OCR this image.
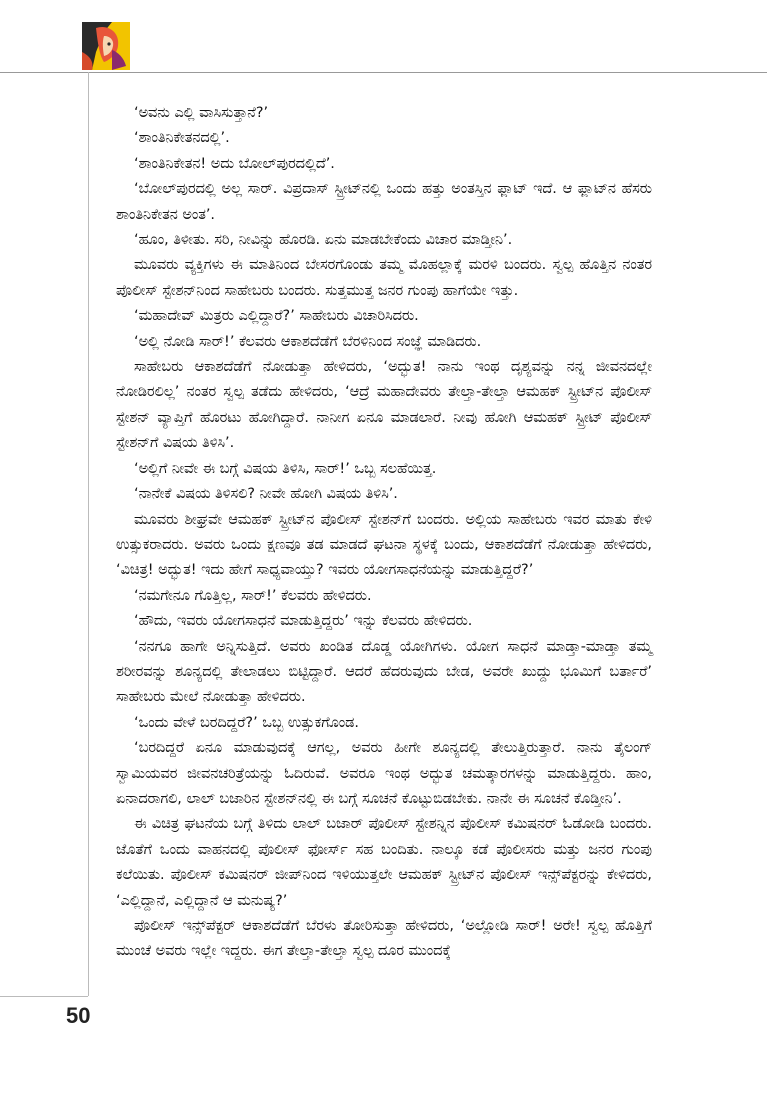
50

‘ಅವನು ಎಲ್ಲಿ ವಾಸಿಸುತ್ತಾನೆ?’

‘ಶಾಂತಿನಿಕೇತನದಲ್ಲಿ’.

‘ಶಾಂತಿನಿಕೇತನ! ಅದು ಬೋಲ್‌ಪುರದಲ್ಲಿದೆ’.

‘ಬೋಲ್‌ಪುರದಲ್ಲಿ ಅಲ್ಲ ಸಾರ್. ವಿಪ್ರದಾಸ್ ಸ್ಟ್ರೀಟ್‌ನಲ್ಲಿ ಒಂದು ಹತ್ತು ಅಂತಸ್ತಿನ ಫ್ಲಾಟ್ ಇದೆ. ಆ ಫ್ಲಾಟ್‌ನ ಹೆಸರು ಶಾಂತಿನಿಕೇತನ ಅಂತ’.

‘ಹೂಂ, ತಿಳೀತು. ಸರಿ, ನೀವಿನ್ನು ಹೊರಡಿ. ಏನು ಮಾಡಬೇಕೆಂದು ವಿಚಾರ ಮಾಡ್ತೀನಿ’.

ಮೂವರು ವ್ಯಕ್ತಿಗಳು ಈ ಮಾತಿನಿಂದ ಬೇಸರಗೊಂಡು ತಮ್ಮ ಮೊಹಲ್ಲಾಕ್ಕೆ ಮರಳಿ ಬಂದರು. ಸ್ವಲ್ಪ ಹೊತ್ತಿನ ನಂತರ ಪೊಲೀಸ್ ಸ್ಟೇಶನ್‌ನಿಂದ ಸಾಹೇಬರು ಬಂದರು. ಸುತ್ತಮುತ್ತ ಜನರ ಗುಂಪು ಹಾಗೆಯೇ ಇತ್ತು.

‘ಮಹಾದೇವ್ ಮಿತ್ರರು ಎಲ್ಲಿದ್ದಾರೆ?’ ಸಾಹೇಬರು ವಿಚಾರಿಸಿದರು.

‘ಅಲ್ಲಿ ನೋಡಿ ಸಾರ್!’ ಕೆಲವರು ಆಕಾಶದೆಡೆಗೆ ಬೆರಳಿನಿಂದ ಸಂಜ್ಞೆ ಮಾಡಿದರು.

ಸಾಹೇಬರು ಆಕಾಶದೆಡೆಗೆ ನೋಡುತ್ತಾ ಹೇಳಿದರು, ‘ಅದ್ಭುತ! ನಾನು ಇಂಥ ದೃಶ್ಯವನ್ನು ನನ್ನ ಜೀವನದಲ್ಲೇ ನೋಡಿರಲಿಲ್ಲ’ ನಂತರ ಸ್ವಲ್ಪ ತಡೆದು ಹೇಳಿದರು, ‘ಆದ್ರೆ ಮಹಾದೇವರು ತೇಲ್ತಾ-ತೇಲ್ತಾ ಆಮಹಕ್ ಸ್ಟ್ರೀಟ್‌ನ ಪೊಲೀಸ್ ಸ್ಟೇಶನ್ ವ್ಯಾಪ್ತಿಗೆ ಹೊರಟು ಹೋಗಿದ್ದಾರೆ. ನಾನೀಗ ಏನೂ ಮಾಡಲಾರೆ. ನೀವು ಹೋಗಿ ಆಮಹಕ್ ಸ್ಟ್ರೀಟ್ ಪೊಲೀಸ್ ಸ್ಟೇಶನ್‌ಗೆ ವಿಷಯ ತಿಳಿಸಿ’.

‘ಅಲ್ಲಿಗೆ ನೀವೇ ಈ ಬಗ್ಗೆ ವಿಷಯ ತಿಳಿಸಿ, ಸಾರ್!’ ಒಬ್ಬ ಸಲಹೆಯಿತ್ತ.

‘ನಾನೇಕೆ ವಿಷಯ ತಿಳಿಸಲಿ? ನೀವೇ ಹೋಗಿ ವಿಷಯ ತಿಳಿಸಿ’.

ಮೂವರು ಶೀಘ್ರವೇ ಆಮಹಕ್ ಸ್ಟ್ರೀಟ್‌ನ ಪೊಲೀಸ್ ಸ್ಟೇಶನ್‌ಗೆ ಬಂದರು. ಅಲ್ಲಿಯ ಸಾಹೇಬರು ಇವರ ಮಾತು ಕೇಳಿ ಉತ್ಸುಕರಾದರು. ಅವರು ಒಂದು ಕ್ಷಣವೂ ತಡ ಮಾಡದೆ ಘಟನಾ ಸ್ಥಳಕ್ಕೆ ಬಂದು, ಆಕಾಶದೆಡೆಗೆ ನೋಡುತ್ತಾ ಹೇಳಿದರು, ‘ವಿಚಿತ್ರ! ಅದ್ಭುತ! ಇದು ಹೇಗೆ ಸಾಧ್ಯವಾಯ್ತು? ಇವರು ಯೋಗಸಾಧನೆಯನ್ನು ಮಾಡುತ್ತಿದ್ದರೆ?’

‘ನಮಗೇನೂ ಗೊತ್ತಿಲ್ಲ, ಸಾರ್!’ ಕೆಲವರು ಹೇಳಿದರು.

‘ಹೌದು, ಇವರು ಯೋಗಸಾಧನೆ ಮಾಡುತ್ತಿದ್ದರು’ ಇನ್ನು ಕೆಲವರು ಹೇಳಿದರು.

‘ನನಗೂ ಹಾಗೇ ಅನ್ನಿಸುತ್ತಿದೆ. ಅವರು ಖಂಡಿತ ದೊಡ್ಡ ಯೋಗಿಗಳು. ಯೋಗ ಸಾಧನೆ ಮಾಡ್ತಾ-ಮಾಡ್ತಾ ತಮ್ಮ ಶರೀರವನ್ನು ಶೂನ್ಯದಲ್ಲಿ ತೇಲಾಡಲು ಬಿಟ್ಟಿದ್ದಾರೆ. ಆದರೆ ಹೆದರುವುದು ಬೇಡ, ಅವರೇ ಖುದ್ದು ಭೂಮಿಗೆ ಬರ್ತಾರೆ’ ಸಾಹೇಬರು ಮೇಲೆ ನೋಡುತ್ತಾ ಹೇಳಿದರು.

‘ಒಂದು ವೇಳೆ ಬರದಿದ್ದರೆ?’ ಒಬ್ಬ ಉತ್ಸುಕಗೊಂಡ.

‘ಬರದಿದ್ದರೆ ಏನೂ ಮಾಡುವುದಕ್ಕೆ ಆಗಲ್ಲ, ಅವರು ಹೀಗೇ ಶೂನ್ಯದಲ್ಲಿ ತೇಲುತ್ತಿರುತ್ತಾರೆ. ನಾನು ತೈಲಂಗ್ ಸ್ವಾಮಿಯವರ ಜೀವನಚರಿತ್ರೆಯನ್ನು ಓದಿರುವೆ. ಅವರೂ ಇಂಥ ಅದ್ಭುತ ಚಮತ್ಕಾರಗಳನ್ನು ಮಾಡುತ್ತಿದ್ದರು. ಹಾಂ, ಏನಾದರಾಗಲಿ, ಲಾಲ್ ಬಜಾರಿನ ಸ್ಟೇಶನ್‌ನಲ್ಲಿ ಈ ಬಗ್ಗೆ ಸೂಚನೆ ಕೊಟ್ಟುಬಿಡಬೇಕು. ನಾನೇ ಈ ಸೂಚನೆ ಕೊಡ್ತೀನಿ’.

ಈ ವಿಚಿತ್ರ ಘಟನೆಯ ಬಗ್ಗೆ ತಿಳಿದು ಲಾಲ್ ಬಜಾರ್ ಪೊಲೀಸ್ ಸ್ಟೇಶನ್ನಿನ ಪೊಲೀಸ್ ಕಮಿಷನರ್ ಓಡೋಡಿ ಬಂದರು. ಜೊತೆಗೆ ಒಂದು ವಾಹನದಲ್ಲಿ ಪೊಲೀಸ್ ಫೋರ್ಸ್ ಸಹ ಬಂದಿತು. ನಾಲ್ಕೂ ಕಡೆ ಪೊಲೀಸರು ಮತ್ತು ಜನರ ಗುಂಪು ಕಲೆಯಿತು. ಪೊಲೀಸ್ ಕಮಿಷನರ್ ಜೀಪ್‌ನಿಂದ ಇಳಿಯುತ್ತಲೇ ಆಮಹಕ್ ಸ್ಟ್ರೀಟ್‌ನ ಪೊಲೀಸ್ ಇನ್ಸ್‌ಪೆಕ್ಟರನ್ನು ಕೇಳಿದರು, ‘ಎಲ್ಲಿದ್ದಾನೆ, ಎಲ್ಲಿದ್ದಾನೆ ಆ ಮನುಷ್ಯ?’

ಪೊಲೀಸ್ ಇನ್ಸ್‌ಪೆಕ್ಟರ್ ಆಕಾಶದೆಡೆಗೆ ಬೆರಳು ತೋರಿಸುತ್ತಾ ಹೇಳಿದರು, ‘ಅಲ್ಲೋಡಿ ಸಾರ್! ಅರೇ! ಸ್ವಲ್ಪ ಹೊತ್ತಿಗೆ ಮುಂಚೆ ಅವರು ಇಲ್ಲೇ ಇದ್ದರು. ಈಗ ತೇಲ್ತಾ-ತೇಲ್ತಾ ಸ್ವಲ್ಪ ದೂರ ಮುಂದಕ್ಕೆ
